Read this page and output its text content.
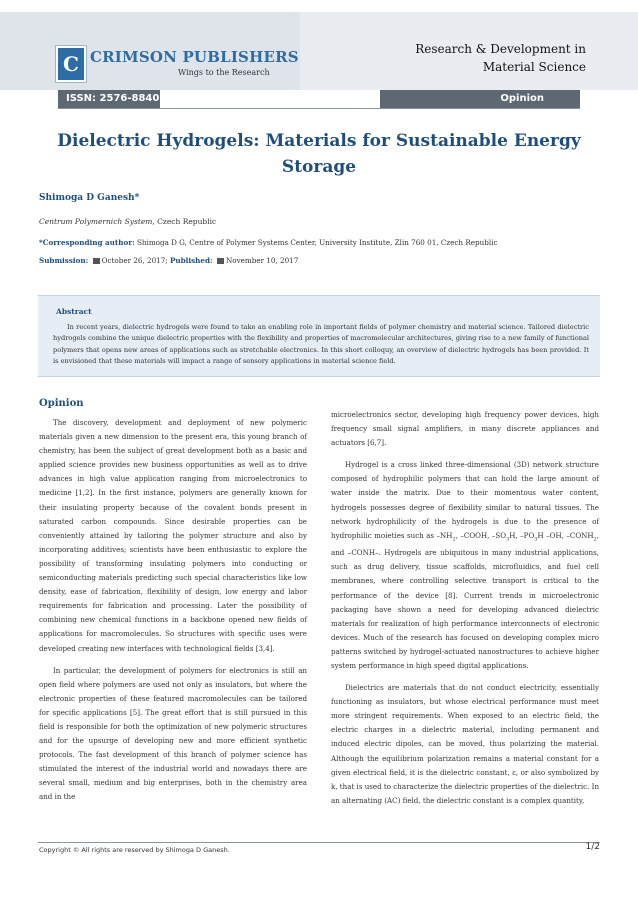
C CRIMSON PUBLISHERS
Wings to the Research
Research & Development in
Material Science
ISSN: 2576-8840	Opinion
Dielectric Hydrogels: Materials for Sustainable Energy Storage
Shimoga D Ganesh*
Centrum Polymernich System, Czech Republic
*Corresponding author: Shimoga D G, Centre of Polymer Systems Center, University Institute, Zlin 760 01, Czech Republic
Submission: October 26, 2017; Published: November 10, 2017
Abstract
In recent years, dielectric hydrogels were found to take an enabling role in important fields of polymer chemistry and material science. Tailored dielectric hydrogels combine the unique dielectric properties with the flexibility and properties of macromolecular architectures, giving rise to a new family of functional polymers that opens new areas of applications such as stretchable electronics. In this short colloquy, an overview of dielectric hydrogels has been provided. It is envisioned that these materials will impact a range of sensory applications in material science field.
Opinion

The discovery, development and deployment of new polymeric materials given a new dimension to the present era, this young branch of chemistry, has been the subject of great development both as a basic and applied science provides new business opportunities as well as to drive advances in high value application ranging from microelectronics to medicine [1,2]. In the first instance, polymers are generally known for their insulating property because of the covalent bonds present in saturated carbon compounds. Since desirable properties can be conveniently attained by tailoring the polymer structure and also by incorporating additives; scientists have been enthusiastic to explore the possibility of transforming insulating polymers into conducting or semiconducting materials predicting such special characteristics like low density, ease of fabrication, flexibility of design, low energy and labor requirements for fabrication and processing. Later the possibility of combining new chemical functions in a backbone opened new fields of applications for macromolecules. So structures with specific uses were developed creating new interfaces with technological fields [3,4].

In particular, the development of polymers for electronics is still an open field where polymers are used not only as insulators, but where the electronic properties of these featured macromolecules can be tailored for specific applications [5]. The great effort that is still pursued in this field is responsible for both the optimization of new polymeric structures and for the upsurge of developing new and more efficient synthetic protocols. The fast development of this branch of polymer science has stimulated the interest of the industrial world and nowadays there are several small, medium and big enterprises, both in the chemistry area and in the

microelectronics sector, developing high frequency power devices, high frequency small signal amplifiers, in many discrete appliances and actuators [6,7].

Hydrogel is a cross linked three-dimensional (3D) network structure composed of hydrophilic polymers that can hold the large amount of water inside the matrix. Due to their momentous water content, hydrogels possesses degree of flexibility similar to natural tissues. The network hydrophilicity of the hydrogels is due to the presence of hydrophilic moieties such as $-NH_2$, –COOH, $-SO_3H$, $-PO_3H$ –OH, $-CONH_2$, and –CONH–. Hydrogels are ubiquitous in many industrial applications, such as drug delivery, tissue scaffolds, microfluidics, and fuel cell membranes, where controlling selective transport is critical to the performance of the device [8]. Current trends in microelectronic packaging have shown a need for developing advanced dielectric materials for realization of high performance interconnects of electronic devices. Much of the research has focused on developing complex micro patterns switched by hydrogel-actuated nanostructures to achieve higher system performance in high speed digital applications.

Dielectrics are materials that do not conduct electricity, essentially functioning as insulators, but whose electrical performance must meet more stringent requirements. When exposed to an electric field, the electric charges in a dielectric material, including permanent and induced electric dipoles, can be moved, thus polarizing the material. Although the equilibrium polarization remains a material constant for a given electrical field, it is the dielectric constant, ε, or also symbolized by k, that is used to characterize the dielectric properties of the dielectric. In an alternating (AC) field, the dielectric constant is a complex quantity,

Copyright © All rights are reserved by Shimoga D Ganesh.	1/2
